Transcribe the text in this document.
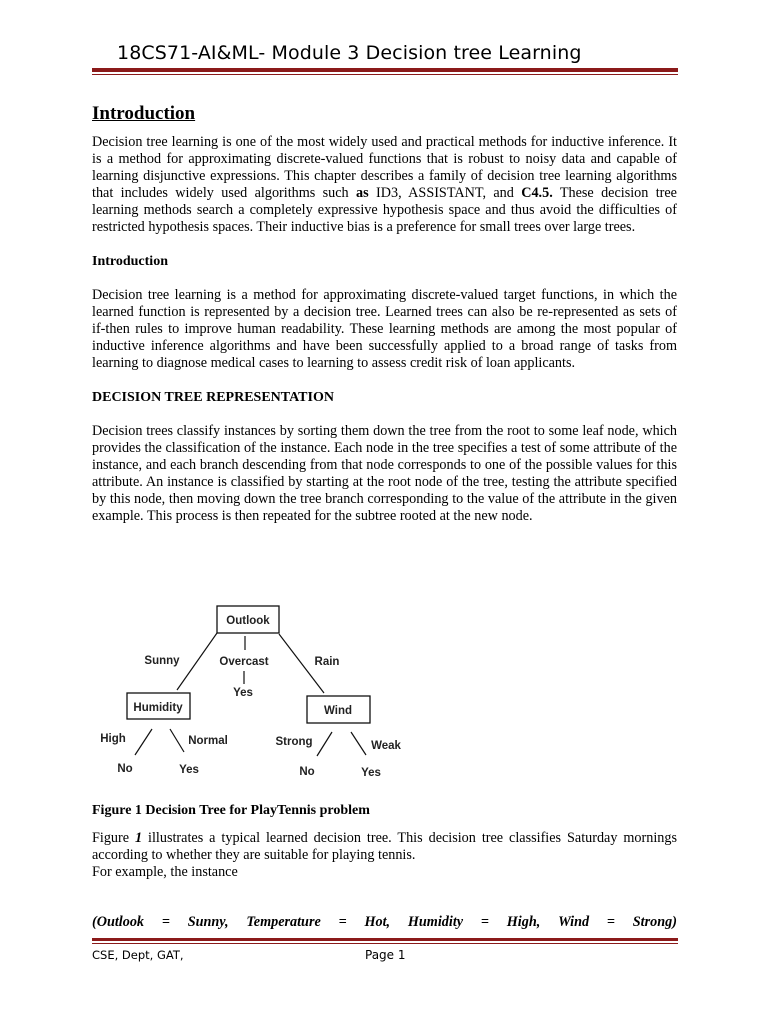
18CS71-AI&ML- Module 3 Decision tree Learning
Introduction

Decision tree learning is one of the most widely used and practical methods for inductive inference. It is a method for approximating discrete-valued functions that is robust to noisy data and capable of learning disjunctive expressions. This chapter describes a family of decision tree learning algorithms that includes widely used algorithms such as ID3, ASSISTANT, and C4.5. These decision tree learning methods search a completely expressive hypothesis space and thus avoid the difficulties of restricted hypothesis spaces. Their inductive bias is a preference for small trees over large trees.

Introduction

Decision tree learning is a method for approximating discrete-valued target functions, in which the learned function is represented by a decision tree. Learned trees can also be re-represented as sets of if-then rules to improve human readability. These learning methods are among the most popular of inductive inference algorithms and have been successfully applied to a broad range of tasks from learning to diagnose medical cases to learning to assess credit risk of loan applicants.

DECISION TREE REPRESENTATION

Decision trees classify instances by sorting them down the tree from the root to some leaf node, which provides the classification of the instance. Each node in the tree specifies a test of some attribute of the instance, and each branch descending from that node corresponds to one of the possible values for this attribute. An instance is classified by starting at the root node of the tree, testing the attribute specified by this node, then moving down the tree branch corresponding to the value of the attribute in the given example. This process is then repeated for the subtree rooted at the new node.

Outlook
Sunny	Overcast	Rain
Yes
Humidity	Wind
High	Normal
No	Yes
Strong	Weak
No	Yes
Figure 1 Decision Tree for PlayTennis problem

Figure 1 illustrates a typical learned decision tree. This decision tree classifies Saturday mornings according to whether they are suitable for playing tennis.
For example, the instance

(Outlook = Sunny, Temperature = Hot, Humidity = High, Wind = Strong)
CSE, Dept, GAT,	Page 1
